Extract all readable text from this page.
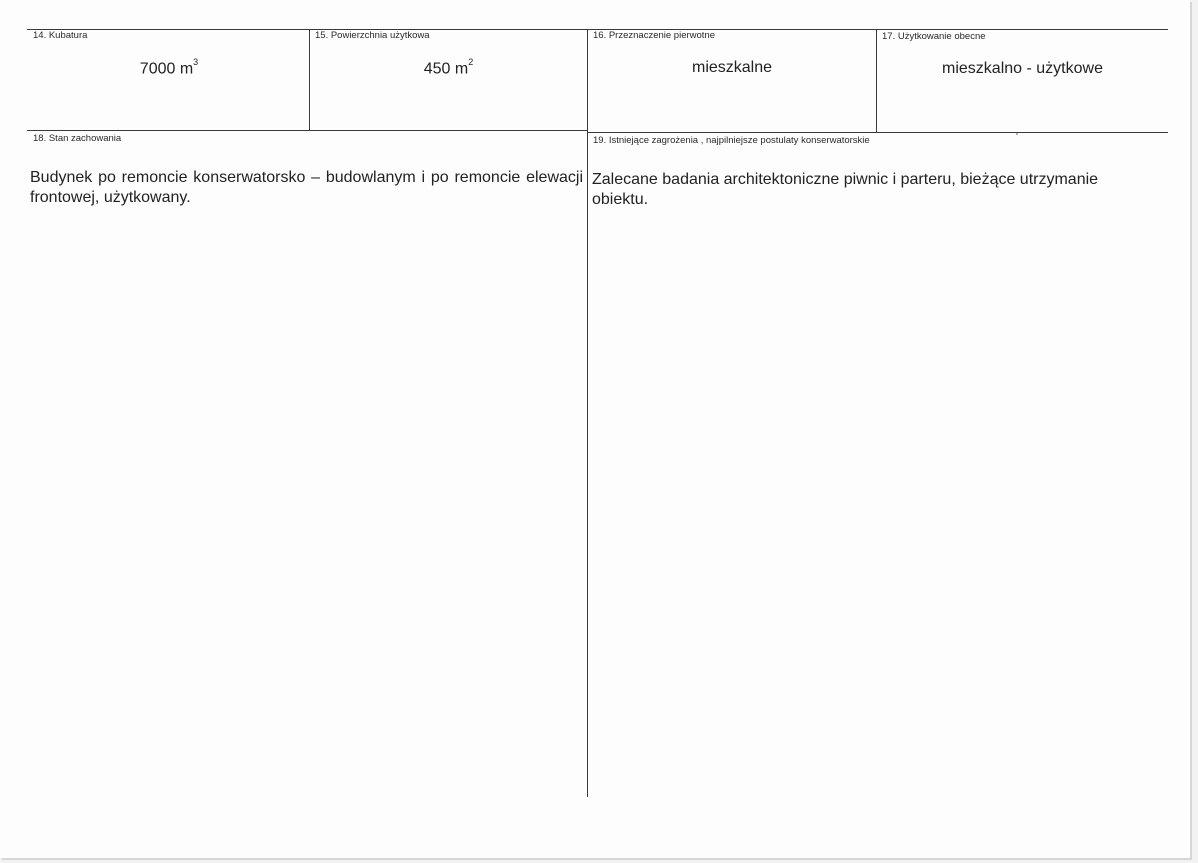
14. Kubatura
7000 $m^3$
15. Powierzchnia użytkowa
450 $m^2$
16. Przeznaczenie pierwotne
mieszkalne
17. Użytkowanie obecne
mieszkalno - użytkowe
18. Stan zachowania
Budynek po remoncie konserwatorsko – budowlanym i po remoncie elewacji frontowej, użytkowany.
19. Istniejące zagrożenia , najpilniejsze postulaty konserwatorskie
Zalecane badania architektoniczne piwnic i parteru, bieżące utrzymanie obiektu.
